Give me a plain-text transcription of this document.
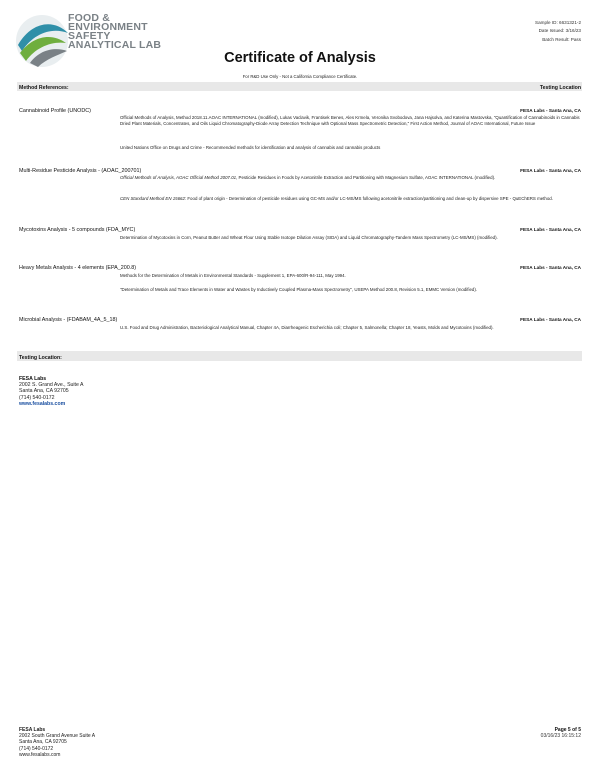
FOOD &
ENVIRONMENT
SAFETY
ANALYTICAL LAB
Sample ID: 6631321-2
Date Issued: 3/16/23
Batch Result: Pass
Certificate of Analysis
For R&D Use Only - Not a California Compliance Certificate.
Method References:	Testing Location
Cannabinoid Profile (UNODC)	FESA Labs - Santa Ana, CA
Official Methods of Analysis, Method 2018.11.AOAC INTERNATIONAL (modified), Lukas Vaclavik, Frantisek Benes, Ales Krmela, Veronika Svobodova, Jana Hajsolva, and Katerina Mastovska, "Quantification of Cannabinoids in Cannabis Dried Plant Materials, Concentrates, and Oils Liquid Chromatography-Diode Array Detection Technique with Optional Mass Spectrometric Detection," First Action Method, Journal of AOAC International, Future Issue
United Nations Office on Drugs and Crime - Recommended methods for identification and analysis of cannabis and cannabis products
Multi-Residue Pesticide Analysis - (AOAC_200701)	FESA Labs - Santa Ana, CA
Official Methods of Analysis, AOAC Official Method 2007.01, Pesticide Residues in Foods by Acetonitrile Extraction and Partitioning with Magnesium Sulfate, AOAC INTERNATIONAL (modified).
CEN Standard Method EN 15662: Food of plant origin - Determination of pesticide residues using GC-MS and/or LC-MS/MS following acetonitrile extraction/partitioning and clean-up by dispersive SPE - QuEChERS method.
Mycotoxins Analysis - 5 compounds (FDA_MYC)	FESA Labs - Santa Ana, CA
Determination of Mycotoxins in Corn, Peanut Butter and Wheat Flour Using Stable Isotope Dilution Assay (SIDA) and Liquid Chromatography-Tandem Mass Spectrometry (LC-MS/MS) (modified).
Heavy Metals Analysis - 4 elements (EPA_200.8)	FESA Labs - Santa Ana, CA
Methods for the Determination of Metals in Environmental Standards - Supplement 1, EPA-600/R-94-111, May 1994.
"Determination of Metals and Trace Elements in Water and Wastes by Inductively Coupled Plasma-Mass Spectrometry", USEPA Method 200.8, Revision 5.1, EMMC Version (modified).
Microbial Analysis - (FDABAM_4A_5_18)	FESA Labs - Santa Ana, CA
U.S. Food and Drug Administration, Bacteriological Analytical Manual, Chapter 4A, Diarrheagenic Escherichia coli; Chapter 5, Salmonella; Chapter 18, Yeasts, Molds and Mycotoxins (modified).
Testing Location:
FESA Labs
2002 S. Grand Ave., Suite A
Santa Ana, CA 92705
(714) 540-0172
www.fesalabs.com
FESA Labs
2002 South Grand Avenue Suite A
Santa Ana, CA 92705
(714) 540-0172
www.fesalabs.com
Page 5 of 5
03/16/23 16:15:12
